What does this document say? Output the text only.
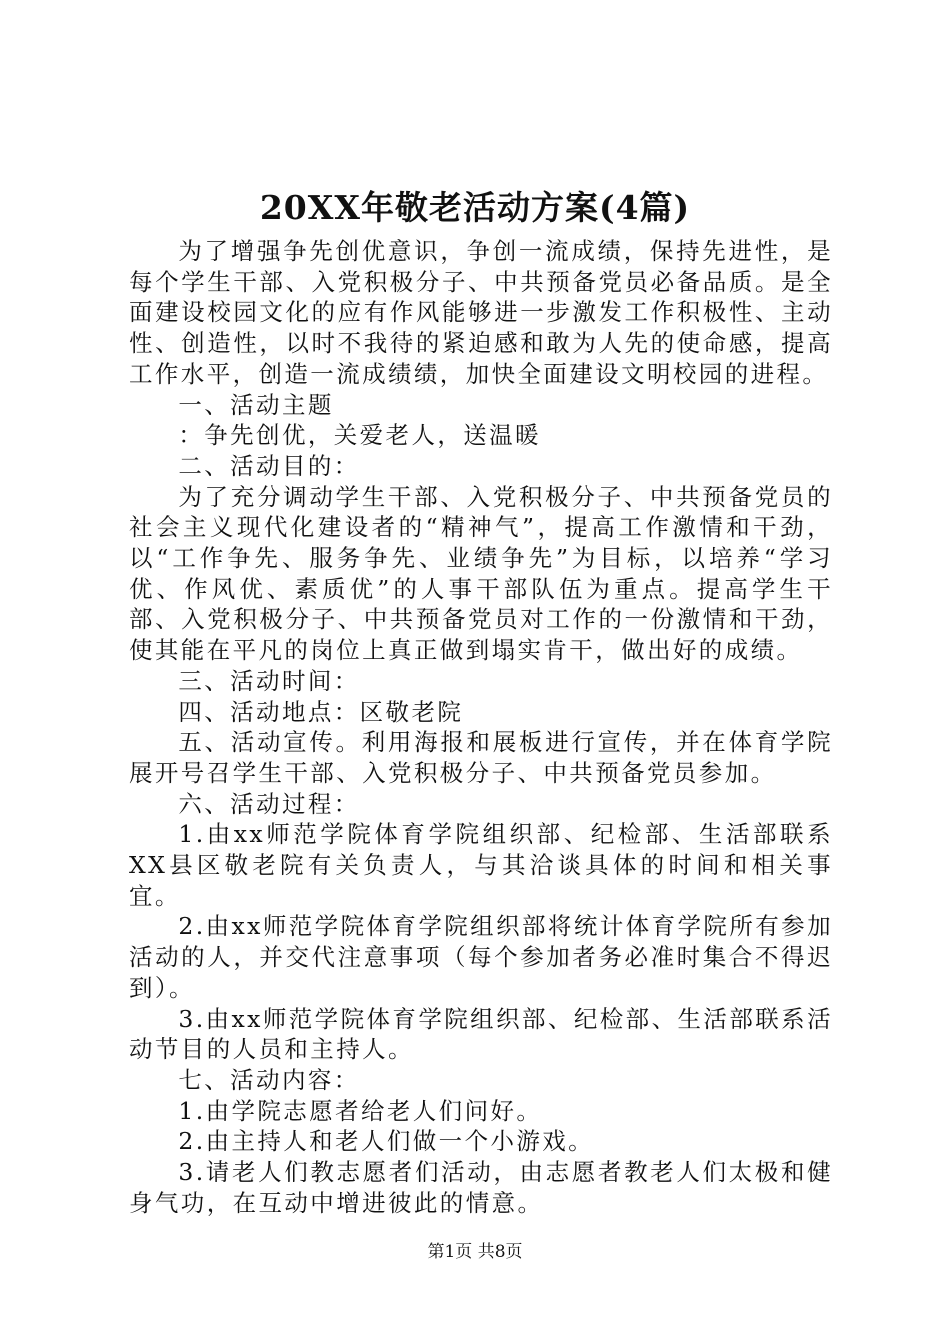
20XX年敬老活动方案(4篇)

为了增强争先创优意识，争创一流成绩，保持先进性，是每个学生干部、入党积极分子、中共预备党员必备品质。是全面建设校园文化的应有作风能够进一步激发工作积极性、主动性、创造性，以时不我待的紧迫感和敢为人先的使命感，提高工作水平，创造一流成绩绩，加快全面建设文明校园的进程。

一、活动主题

：争先创优，关爱老人，送温暖

二、活动目的：

为了充分调动学生干部、入党积极分子、中共预备党员的社会主义现代化建设者的“精神气”，提高工作激情和干劲，以“工作争先、服务争先、业绩争先”为目标，以培养“学习优、作风优、素质优”的人事干部队伍为重点。提高学生干部、入党积极分子、中共预备党员对工作的一份激情和干劲，使其能在平凡的岗位上真正做到塌实肯干，做出好的成绩。

三、活动时间：

四、活动地点：区敬老院

五、活动宣传。利用海报和展板进行宣传，并在体育学院展开号召学生干部、入党积极分子、中共预备党员参加。

六、活动过程：

1.由xx师范学院体育学院组织部、纪检部、生活部联系XX县区敬老院有关负责人，与其洽谈具体的时间和相关事宜。

2.由xx师范学院体育学院组织部将统计体育学院所有参加活动的人，并交代注意事项（每个参加者务必准时集合不得迟到）。

3.由xx师范学院体育学院组织部、纪检部、生活部联系活动节目的人员和主持人。

七、活动内容：

1.由学院志愿者给老人们问好。

2.由主持人和老人们做一个小游戏。

3.请老人们教志愿者们活动，由志愿者教老人们太极和健身气功，在互动中增进彼此的情意。

第1页 共8页
